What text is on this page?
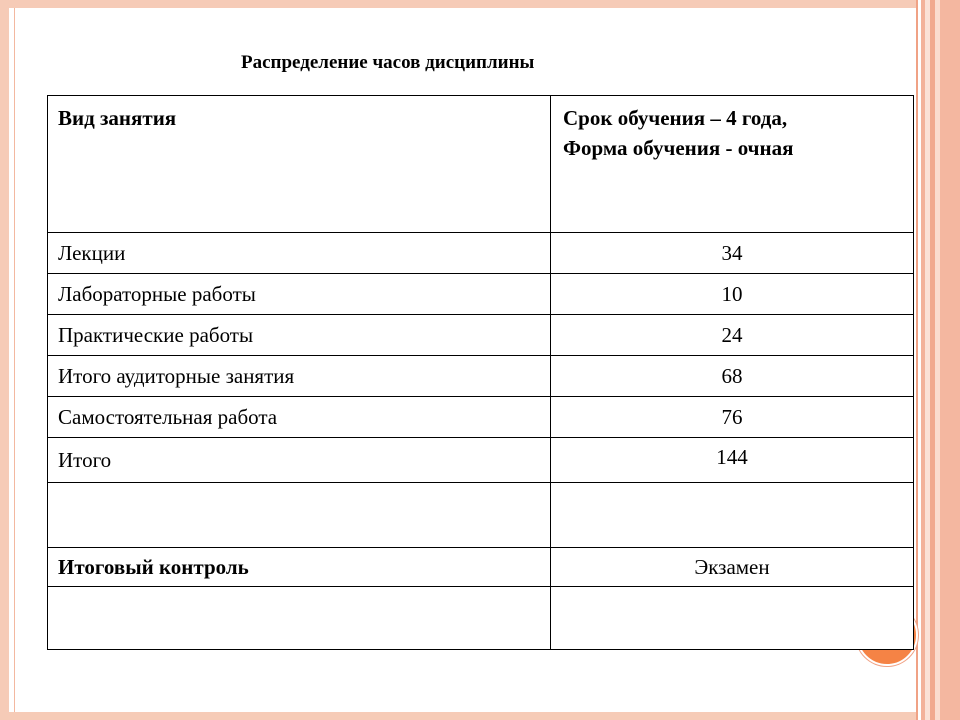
Распределение часов дисциплины
Вид занятия	Срок обучения – 4 года,
Форма обучения - очная

Лекции	34
Лабораторные работы	10
Практические работы	24
Итого аудиторные занятия	68
Самостоятельная работа	76
Итого	144

Итоговый контроль	Экзамен
